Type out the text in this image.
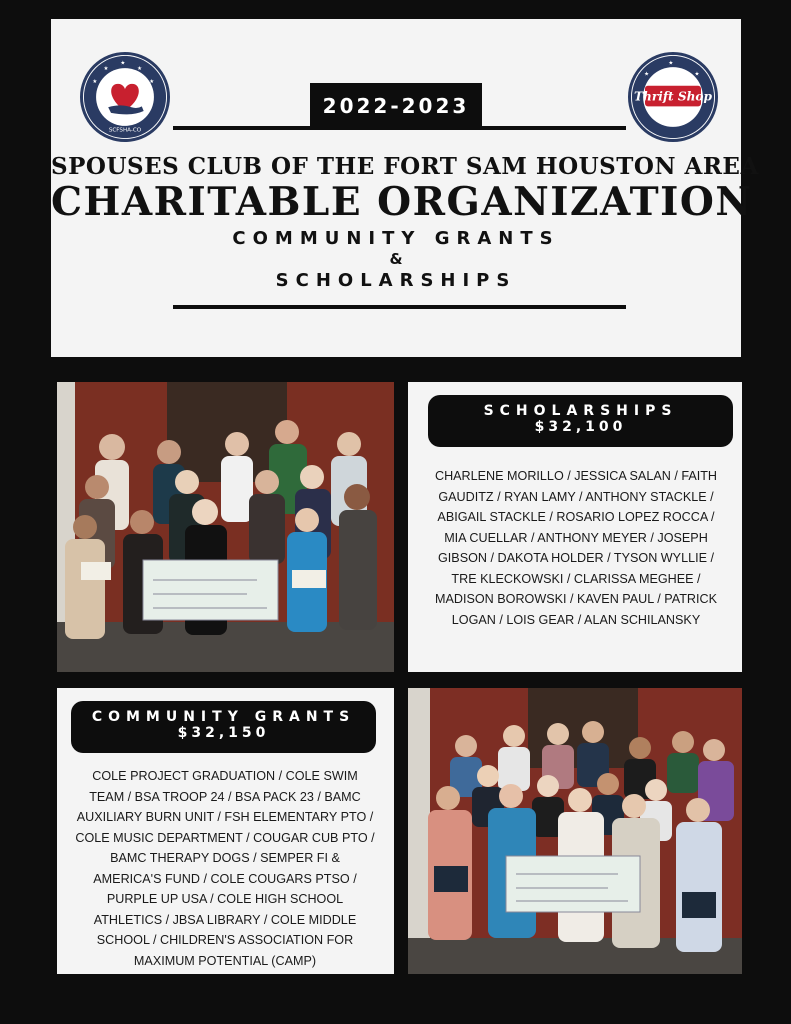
★
★	★
★	★
SCFSHA-CO
★
★	★
Thrift Shop
2022-2023
SPOUSES CLUB OF THE FORT SAM HOUSTON AREA
CHARITABLE ORGANIZATION
COMMUNITY GRANTS
&
SCHOLARSHIPS
SCHOLARSHIPS
$32,100
CHARLENE MORILLO / JESSICA SALAN / FAITH GAUDITZ / RYAN LAMY / ANTHONY STACKLE / ABIGAIL STACKLE / ROSARIO LOPEZ ROCCA / MIA CUELLAR / ANTHONY MEYER / JOSEPH GIBSON / DAKOTA HOLDER / TYSON WYLLIE / TRE KLECKOWSKI / CLARISSA MEGHEE / MADISON BOROWSKI / KAVEN PAUL / PATRICK LOGAN / LOIS GEAR / ALAN SCHILANSKY
COMMUNITY GRANTS
$32,150
COLE PROJECT GRADUATION / COLE SWIM TEAM / BSA TROOP 24 / BSA PACK 23 / BAMC AUXILIARY BURN UNIT / FSH ELEMENTARY PTO / COLE MUSIC DEPARTMENT / COUGAR CUB PTO / BAMC THERAPY DOGS / SEMPER FI & AMERICA'S FUND / COLE COUGARS PTSO / PURPLE UP USA / COLE HIGH SCHOOL ATHLETICS / JBSA LIBRARY / COLE MIDDLE SCHOOL / CHILDREN'S ASSOCIATION FOR MAXIMUM POTENTIAL (CAMP)
